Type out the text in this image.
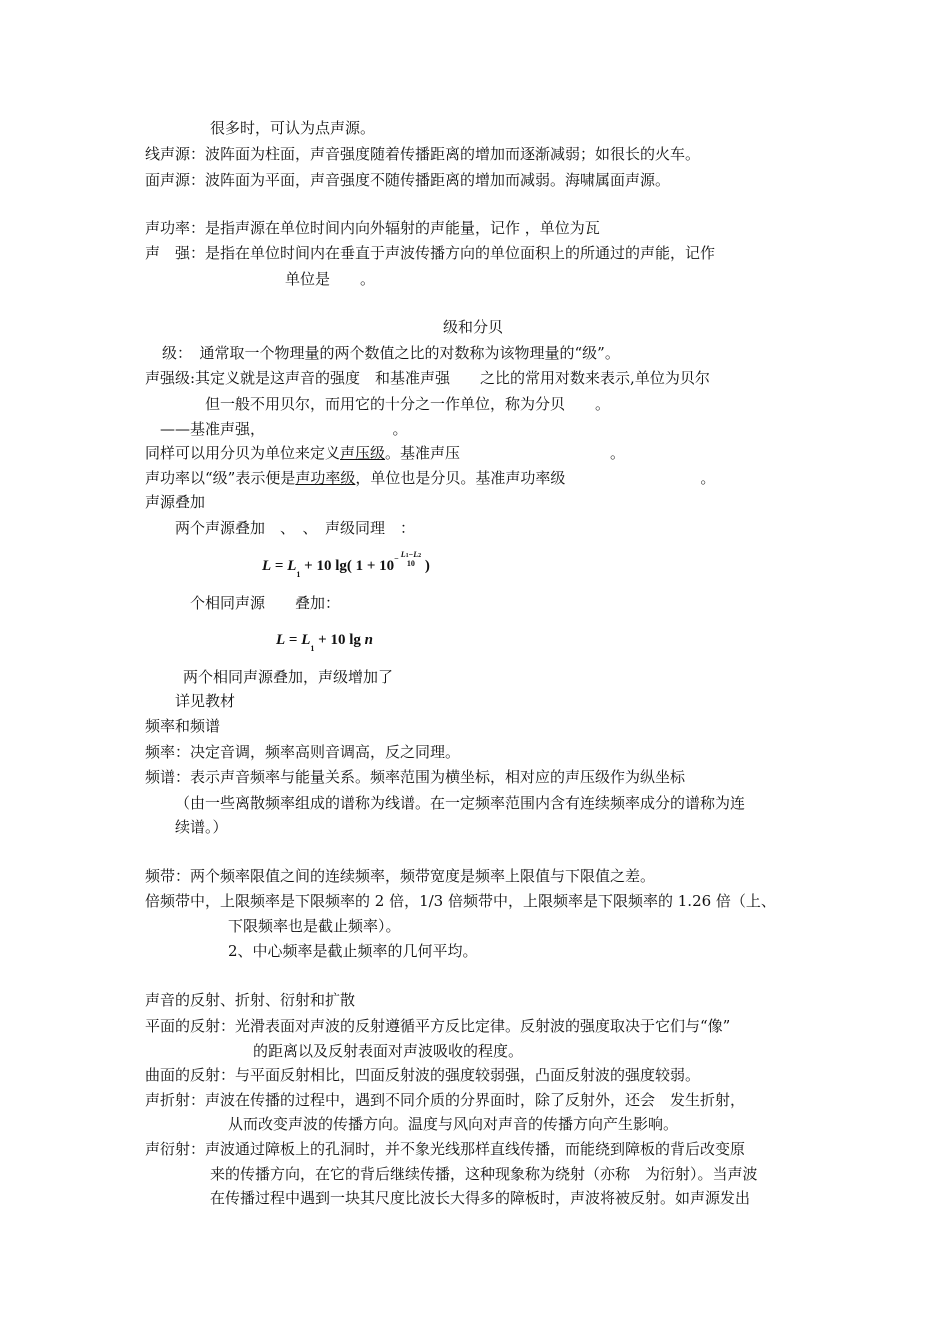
很多时，可认为点声源。
线声源：波阵面为柱面，声音强度随着传播距离的增加而逐渐减弱；如很长的火车。
面声源：波阵面为平面，声音强度不随传播距离的增加而减弱。海啸属面声源。
声功率：是指声源在单位时间内向外辐射的声能量，记作 ，单位为瓦
声　强：是指在单位时间内在垂直于声波传播方向的单位面积上的所通过的声能，记作
单位是　　。
级和分贝
级：　通常取一个物理量的两个数值之比的对数称为该物理量的“级”。
声强级:其定义就是这声音的强度　和基准声强　　之比的常用对数来表示,单位为贝尔
但一般不用贝尔，而用它的十分之一作单位，称为分贝　　。
——基准声强，　　　　　　　　　。
同样可以用分贝为单位来定义声压级。基准声压　　　　　　　　　　。
声功率以“级”表示便是声功率级，单位也是分贝。基准声功率级　　　　　　　　　。
声源叠加
两个声源叠加　、　、　声级同理　：
$L = L_1 + 10$ lg( $1 + 10^{- L1-L2 10}$ )
个相同声源　　叠加：
$L = L_1 + 10$ lg n
两个相同声源叠加，声级增加了
详见教材
频率和频谱
频率：决定音调，频率高则音调高，反之同理。
频谱：表示声音频率与能量关系。频率范围为横坐标，相对应的声压级作为纵坐标
（由一些离散频率组成的谱称为线谱。在一定频率范围内含有连续频率成分的谱称为连
续谱。）
频带：两个频率限值之间的连续频率，频带宽度是频率上限值与下限值之差。
倍频带中，上限频率是下限频率的 2 倍，1/3 倍频带中，上限频率是下限频率的 1.26 倍（上、
下限频率也是截止频率）。
2、中心频率是截止频率的几何平均。
声音的反射、折射、衍射和扩散
平面的反射：光滑表面对声波的反射遵循平方反比定律。反射波的强度取决于它们与“像”
的距离以及反射表面对声波吸收的程度。
曲面的反射：与平面反射相比，凹面反射波的强度较弱强，凸面反射波的强度较弱。
声折射：声波在传播的过程中，遇到不同介质的分界面时，除了反射外，还会　发生折射，
从而改变声波的传播方向。温度与风向对声音的传播方向产生影响。
声衍射：声波通过障板上的孔洞时，并不象光线那样直线传播，而能绕到障板的背后改变原
来的传播方向，在它的背后继续传播，这种现象称为绕射（亦称　为衍射）。当声波
在传播过程中遇到一块其尺度比波长大得多的障板时，声波将被反射。如声源发出
